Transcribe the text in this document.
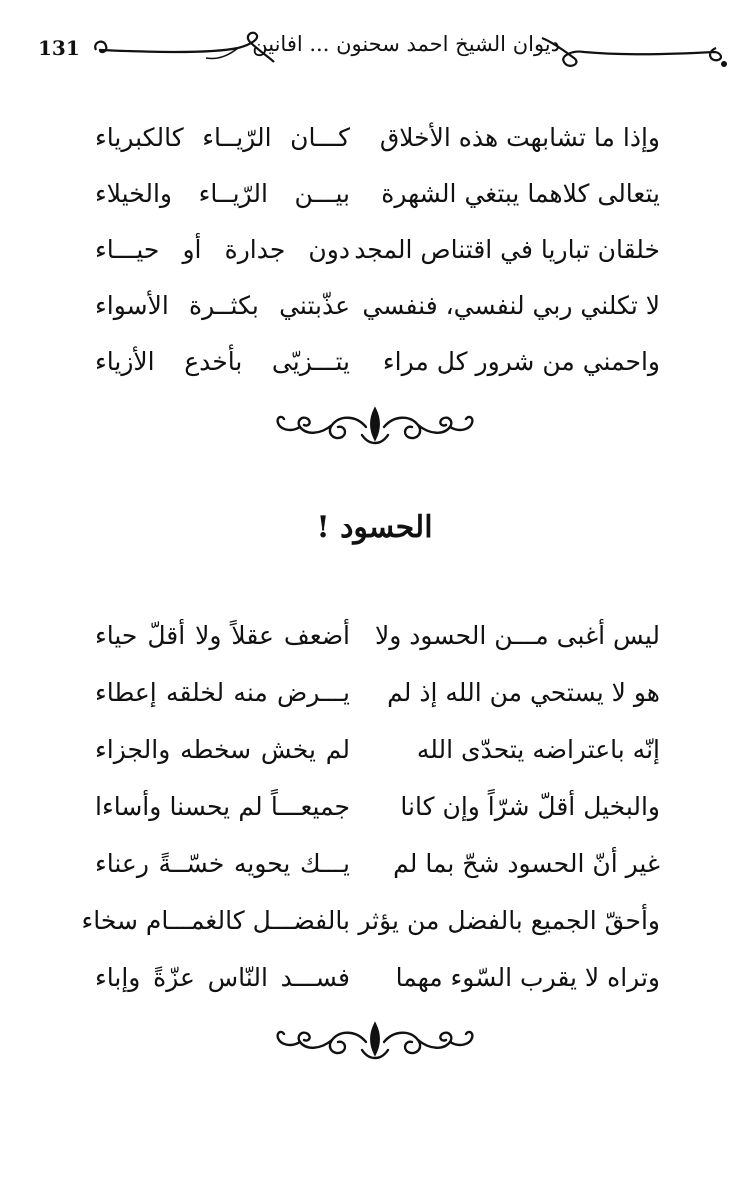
131	ديوان الشيخ احمد سحنون ... افانين
وإذا ما تشابهت هذه الأخلاق
كـــان الرّيــاء كالكبرياء
يتعالى كلاهما يبتغي الشهرة
بيـــن الرّيــاء والخيلاء
خلقان تباريا في اقتناص المجد
دون جدارة أو حيـــاء
لا تكلني ربي لنفسي، فنفسي
عذّبتني بكثــرة الأسواء
واحمني من شرور كل مراء
يتـــزيّى بأخدع الأزياء
الحسود !
ليس أغبى مـــن الحسود ولا
أضعف عقلاً ولا أقلّ حياء
هو لا يستحي من الله إذ لم
يـــرض منه لخلقه إعطاء
إنّه باعتراضه يتحدّى الله
لم يخش سخطه والجزاء
والبخيل أقلّ شرّاً وإن كانا
جميعـــاً لم يحسنا وأساءا
غير أنّ الحسود شحّ بما لم
يـــك يحويه خسّــةً رعناء
وأحقّ الجميع بالفضل من يؤثر
بالفضـــل كالغمـــام سخاء
وتراه لا يقرب السّوء مهما
فســـد النّاس عزّةً وإباء
